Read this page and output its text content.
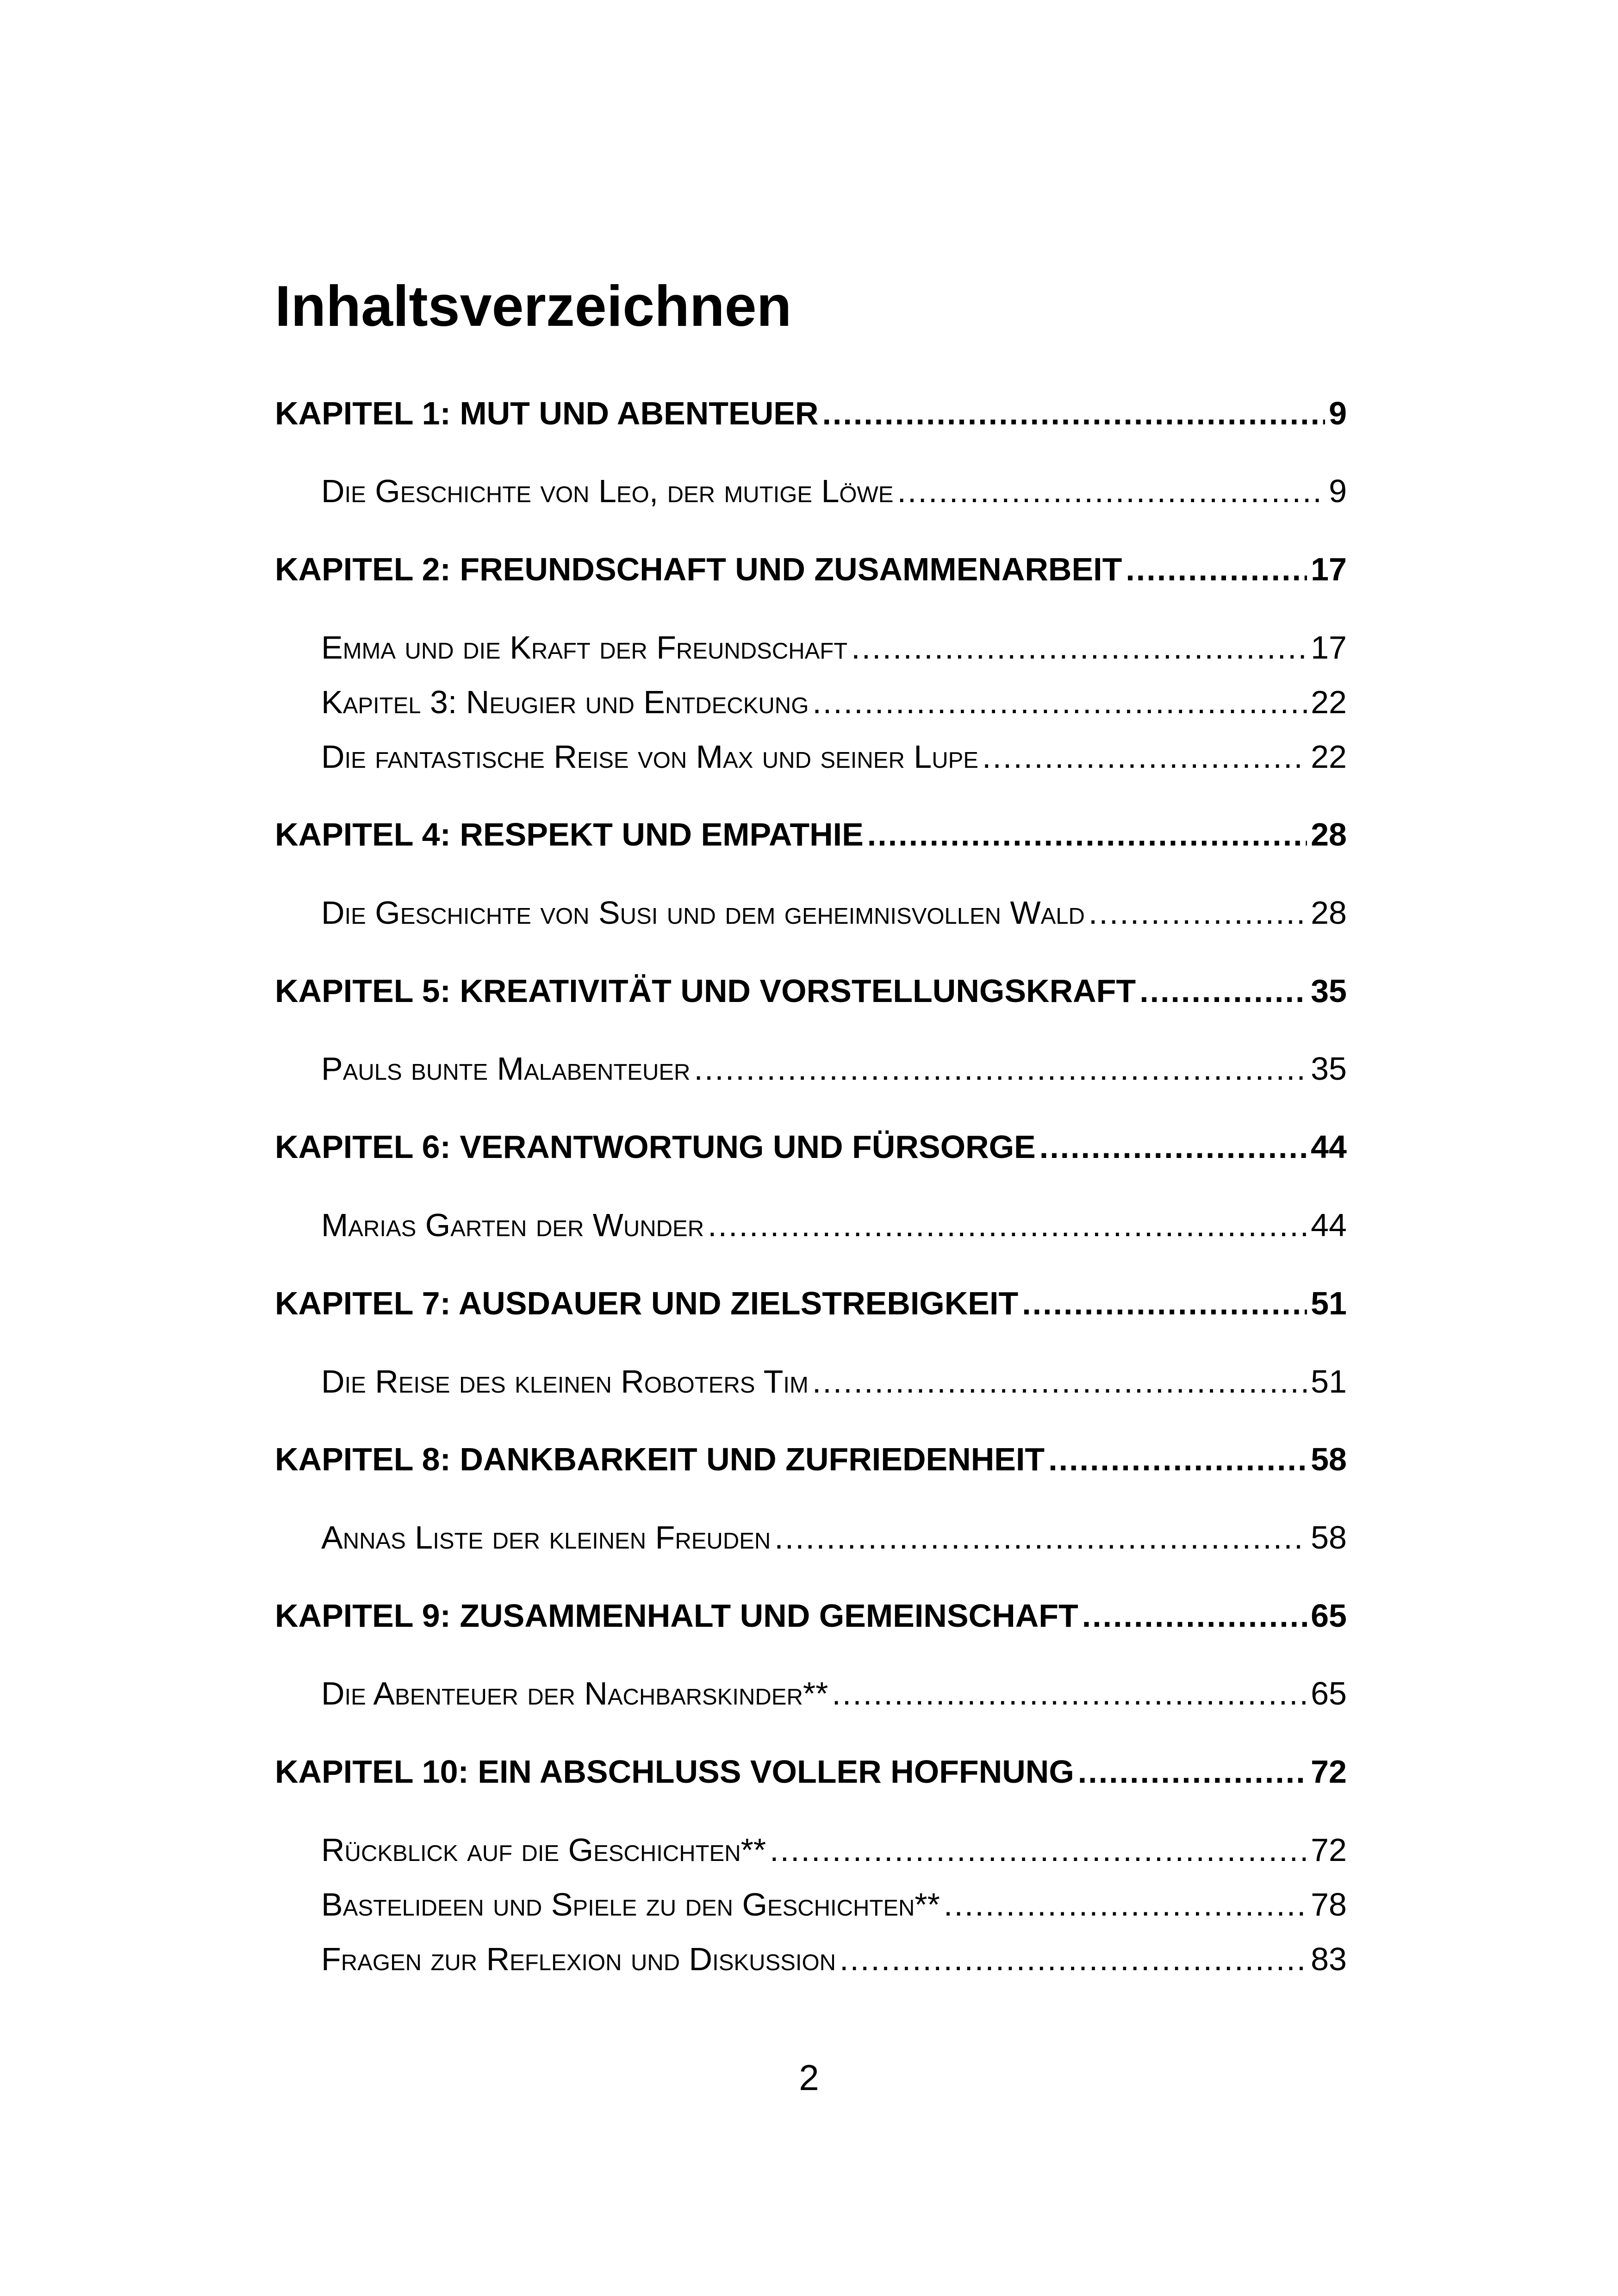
Inhaltsverzeichnen
KAPITEL 1: MUT UND ABENTEUER .....	9
Die Geschichte von Leo, der mutige Löwe .....	9
KAPITEL 2: FREUNDSCHAFT UND ZUSAMMENARBEIT .....	17
Emma und die Kraft der Freundschaft .....	17
Kapitel 3: Neugier und Entdeckung .....	22
Die fantastische Reise von Max und seiner Lupe .....	22
KAPITEL 4: RESPEKT UND EMPATHIE .....	28
Die Geschichte von Susi und dem geheimnisvollen Wald .....	28
KAPITEL 5: KREATIVITÄT UND VORSTELLUNGSKRAFT .....	35
Pauls bunte Malabenteuer .....	35
KAPITEL 6: VERANTWORTUNG UND FÜRSORGE .....	44
Marias Garten der Wunder .....	44
KAPITEL 7: AUSDAUER UND ZIELSTREBIGKEIT .....	51
Die Reise des kleinen Roboters Tim .....	51
KAPITEL 8: DANKBARKEIT UND ZUFRIEDENHEIT .....	58
Annas Liste der kleinen Freuden .....	58
KAPITEL 9: ZUSAMMENHALT UND GEMEINSCHAFT .....	65
Die Abenteuer der Nachbarskinder** .....	65
KAPITEL 10: EIN ABSCHLUSS VOLLER HOFFNUNG .....	72
Rückblick auf die Geschichten** .....	72
Bastelideen und Spiele zu den Geschichten** .....	78
Fragen zur Reflexion und Diskussion .....	83
2
